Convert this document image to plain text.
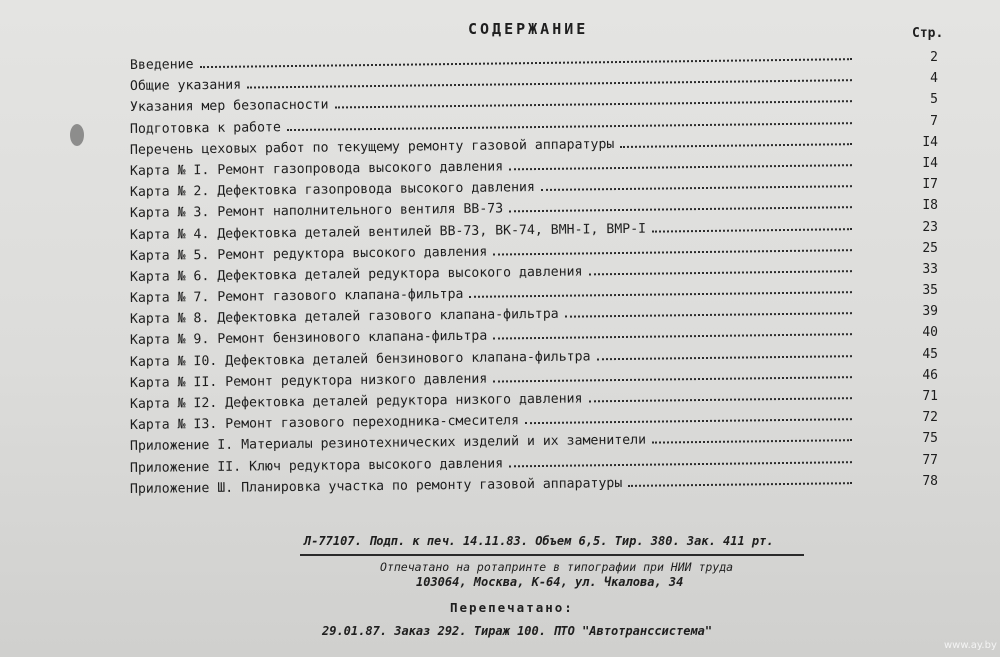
СОДЕРЖАНИЕ	Стр.
Введение	2
Общие указания	4
Указания мер безопасности	5
Подготовка к работе	7
Перечень цеховых работ по текущему ремонту газовой аппаратуры	I4
Карта № I. Ремонт газопровода высокого давления	I4
Карта № 2. Дефектовка газопровода высокого давления	I7
Карта № 3. Ремонт наполнительного вентиля ВВ-73	I8
Карта № 4. Дефектовка деталей вентилей ВВ-73, ВК-74, ВМН-I, ВМР-I	23
Карта № 5. Ремонт редуктора высокого давления	25
Карта № 6. Дефектовка деталей редуктора высокого давления	33
Карта № 7. Ремонт газового клапана-фильтра	35
Карта № 8. Дефектовка деталей газового клапана-фильтра	39
Карта № 9. Ремонт бензинового клапана-фильтра	40
Карта № I0. Дефектовка деталей бензинового клапана-фильтра	45
Карта № II. Ремонт редуктора низкого давления	46
Карта № I2. Дефектовка деталей редуктора низкого давления	71
Карта № I3. Ремонт газового переходника-смесителя	72
Приложение I. Материалы резинотехнических изделий и их заменители	75
Приложение II. Ключ редуктора высокого давления	77
Приложение Ш. Планировка участка по ремонту газовой аппаратуры	78
Л-77107. Подп. к печ. 14.11.83. Объем 6,5. Тир. 380. Зак. 411 рт.
Отпечатано на ротапринте в типографии при НИИ труда
103064, Москва, К-64, ул. Чкалова, 34
Перепечатано:
29.01.87. Заказ 292. Тираж 100. ПТО "Автотранссистема"
www.ay.by
